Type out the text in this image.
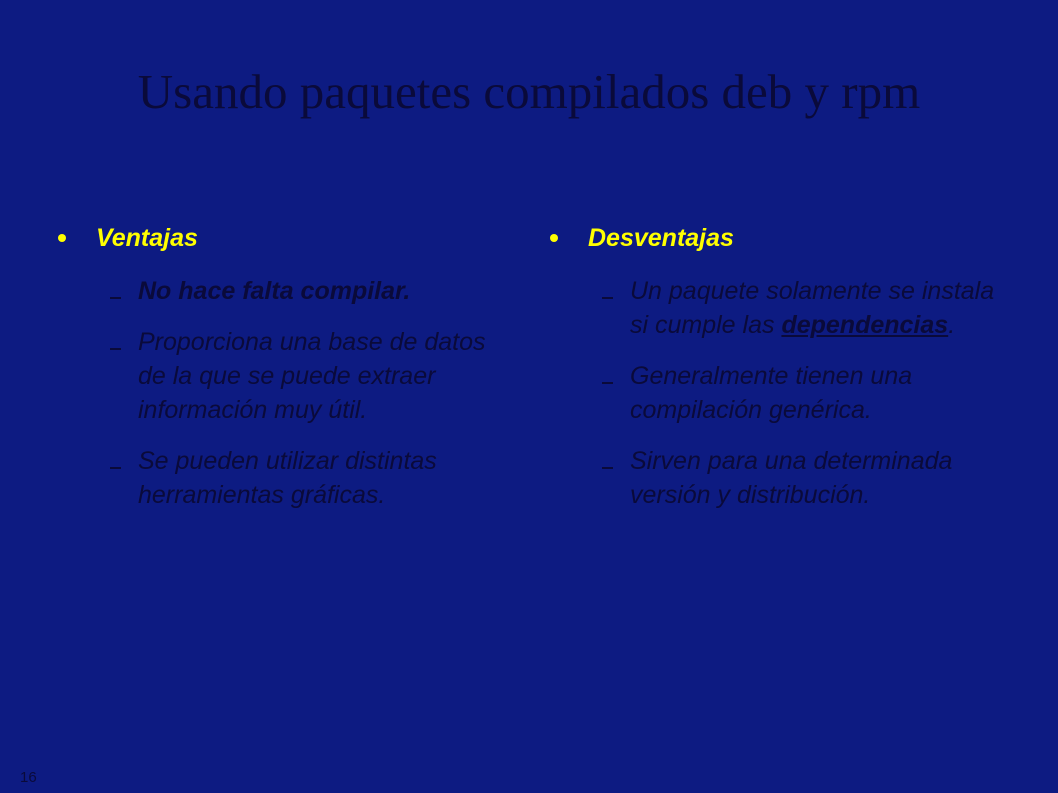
Usando paquetes compilados deb y rpm
Ventajas
No hace falta compilar.
Proporciona una base de datos de la que se puede extraer información muy útil.
Se pueden utilizar distintas herramientas gráficas.
Desventajas
Un paquete solamente se instala si cumple las dependencias.
Generalmente tienen una compilación genérica.
Sirven para una determinada versión y distribución.
16
